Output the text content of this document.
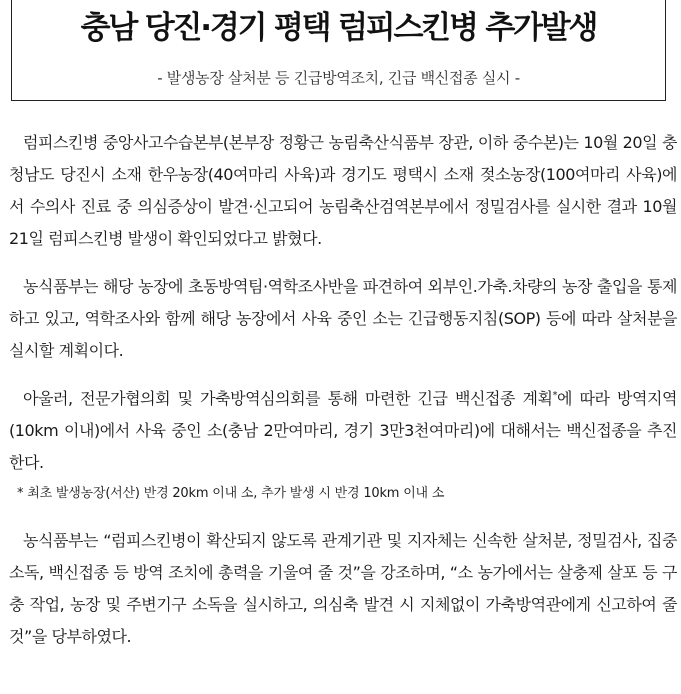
충남 당진·경기 평택 럼피스킨병 추가발생

- 발생농장 살처분 등 긴급방역조치, 긴급 백신접종 실시 -

럼피스킨병 중앙사고수습본부(본부장 정황근 농림축산식품부 장관, 이하 중수본)는 10월 20일 충청남도 당진시 소재 한우농장(40여마리 사육)과 경기도 평택시 소재 젖소농장(100여마리 사육)에서 수의사 진료 중 의심증상이 발견·신고되어 농림축산검역본부에서 정밀검사를 실시한 결과 10월 21일 럼피스킨병 발생이 확인되었다고 밝혔다.

농식품부는 해당 농장에 초동방역팀·역학조사반을 파견하여 외부인.가축.차량의 농장 출입을 통제하고 있고, 역학조사와 함께 해당 농장에서 사육 중인 소는 긴급행동지침(SOP) 등에 따라 살처분을 실시할 계획이다.

아울러, 전문가협의회 및 가축방역심의회를 통해 마련한 긴급 백신접종 계획*에 따라 방역지역(10km 이내)에서 사육 중인 소(충남 2만여마리, 경기 3만3천여마리)에 대해서는 백신접종을 추진한다.

* 최초 발생농장(서산) 반경 20km 이내 소, 추가 발생 시 반경 10km 이내 소

농식품부는 “럼피스킨병이 확산되지 않도록 관계기관 및 지자체는 신속한 살처분, 정밀검사, 집중소독, 백신접종 등 방역 조치에 총력을 기울여 줄 것”을 강조하며, “소 농가에서는 살충제 살포 등 구충 작업, 농장 및 주변기구 소독을 실시하고, 의심축 발견 시 지체없이 가축방역관에게 신고하여 줄 것”을 당부하였다.
